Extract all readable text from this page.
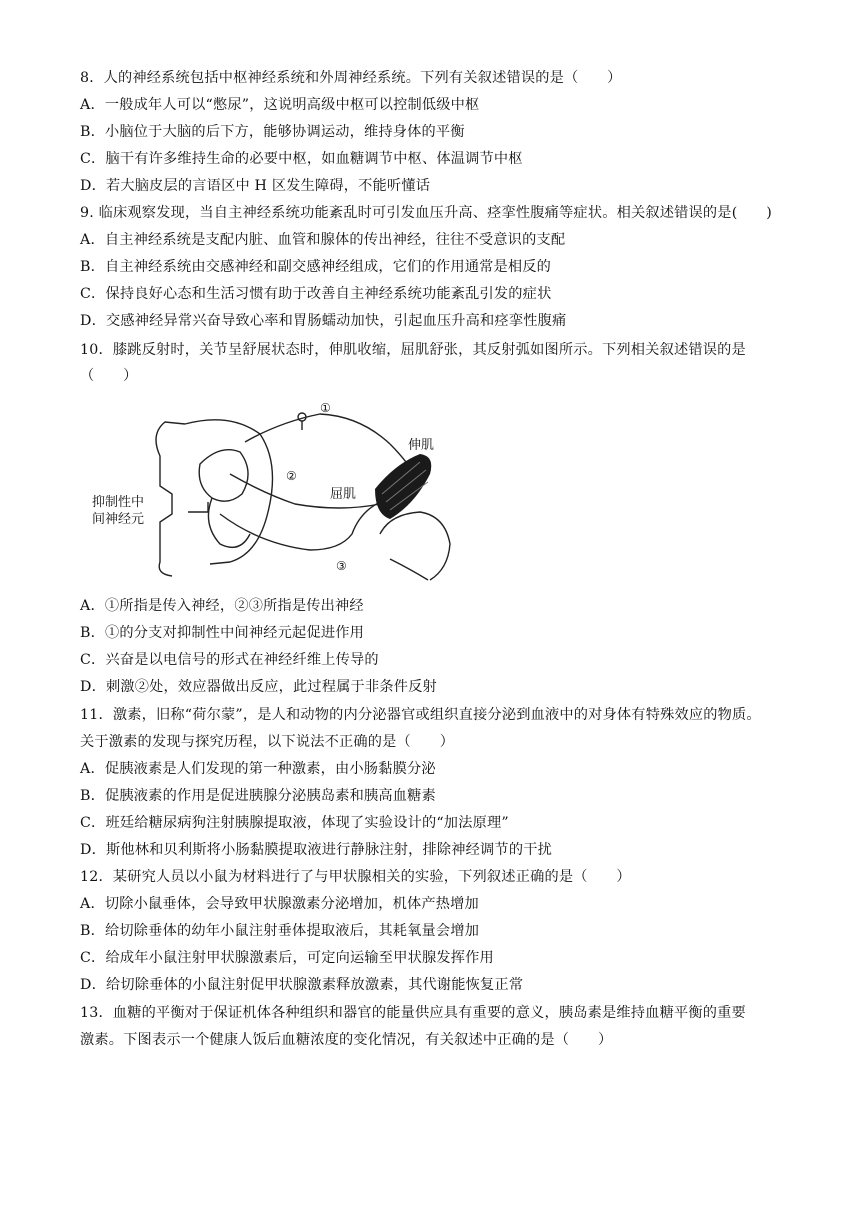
8．人的神经系统包括中枢神经系统和外周神经系统。下列有关叙述错误的是（　　）
A．一般成年人可以“憋尿”，这说明高级中枢可以控制低级中枢
B．小脑位于大脑的后下方，能够协调运动，维持身体的平衡
C．脑干有许多维持生命的必要中枢，如血糖调节中枢、体温调节中枢
D．若大脑皮层的言语区中 H 区发生障碍，不能听懂话
9. 临床观察发现，当自主神经系统功能紊乱时可引发血压升高、痉挛性腹痛等症状。相关叙述错误的是(　　)
A．自主神经系统是支配内脏、血管和腺体的传出神经，往往不受意识的支配
B．自主神经系统由交感神经和副交感神经组成，它们的作用通常是相反的
C．保持良好心态和生活习惯有助于改善自主神经系统功能紊乱引发的症状
D．交感神经异常兴奋导致心率和胃肠蠕动加快，引起血压升高和痉挛性腹痛
10．膝跳反射时，关节呈舒展状态时，伸肌收缩，屈肌舒张，其反射弧如图所示。下列相关叙述错误的是
（　　）
抑制性中
间神经元
伸肌
屈肌
①
②
③
A．①所指是传入神经，②③所指是传出神经
B．①的分支对抑制性中间神经元起促进作用
C．兴奋是以电信号的形式在神经纤维上传导的
D．刺激②处，效应器做出反应，此过程属于非条件反射
11．激素，旧称“荷尔蒙”，是人和动物的内分泌器官或组织直接分泌到血液中的对身体有特殊效应的物质。
关于激素的发现与探究历程，以下说法不正确的是（　　）
A．促胰液素是人们发现的第一种激素，由小肠黏膜分泌
B．促胰液素的作用是促进胰腺分泌胰岛素和胰高血糖素
C．班廷给糖尿病狗注射胰腺提取液，体现了实验设计的“加法原理”
D．斯他林和贝利斯将小肠黏膜提取液进行静脉注射，排除神经调节的干扰
12．某研究人员以小鼠为材料进行了与甲状腺相关的实验，下列叙述正确的是（　　）
A．切除小鼠垂体，会导致甲状腺激素分泌增加，机体产热增加
B．给切除垂体的幼年小鼠注射垂体提取液后，其耗氧量会增加
C．给成年小鼠注射甲状腺激素后，可定向运输至甲状腺发挥作用
D．给切除垂体的小鼠注射促甲状腺激素释放激素，其代谢能恢复正常
13．血糖的平衡对于保证机体各种组织和器官的能量供应具有重要的意义，胰岛素是维持血糖平衡的重要
激素。下图表示一个健康人饭后血糖浓度的变化情况，有关叙述中正确的是（　　）
